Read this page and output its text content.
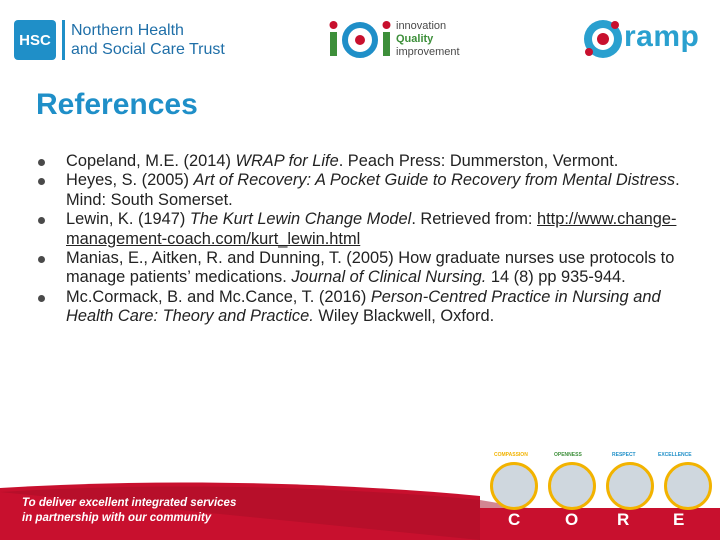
HSC
Northern Health
and Social Care Trust
innovation
Quality
improvement	ramp
References
Copeland, M.E. (2014) WRAP for Life. Peach Press: Dummerston, Vermont.
Heyes, S. (2005) Art of Recovery: A Pocket Guide to Recovery from Mental Distress. Mind: South Somerset.
Lewin, K. (1947) The Kurt Lewin Change Model. Retrieved from: http://www.change-management-coach.com/kurt_lewin.html
Manias, E., Aitken, R. and Dunning, T. (2005) How graduate nurses use protocols to manage patients’ medications. Journal of Clinical Nursing. 14 (8) pp 935-944.
Mc.Cormack, B. and Mc.Cance, T. (2016) Person-Centred Practice in Nursing and Health Care: Theory and Practice. Wiley Blackwell, Oxford.
To deliver excellent integrated services
in partnership with our community
COMPASSION	OPENNESS	RESPECT	EXCELLENCE
C	O R	E
